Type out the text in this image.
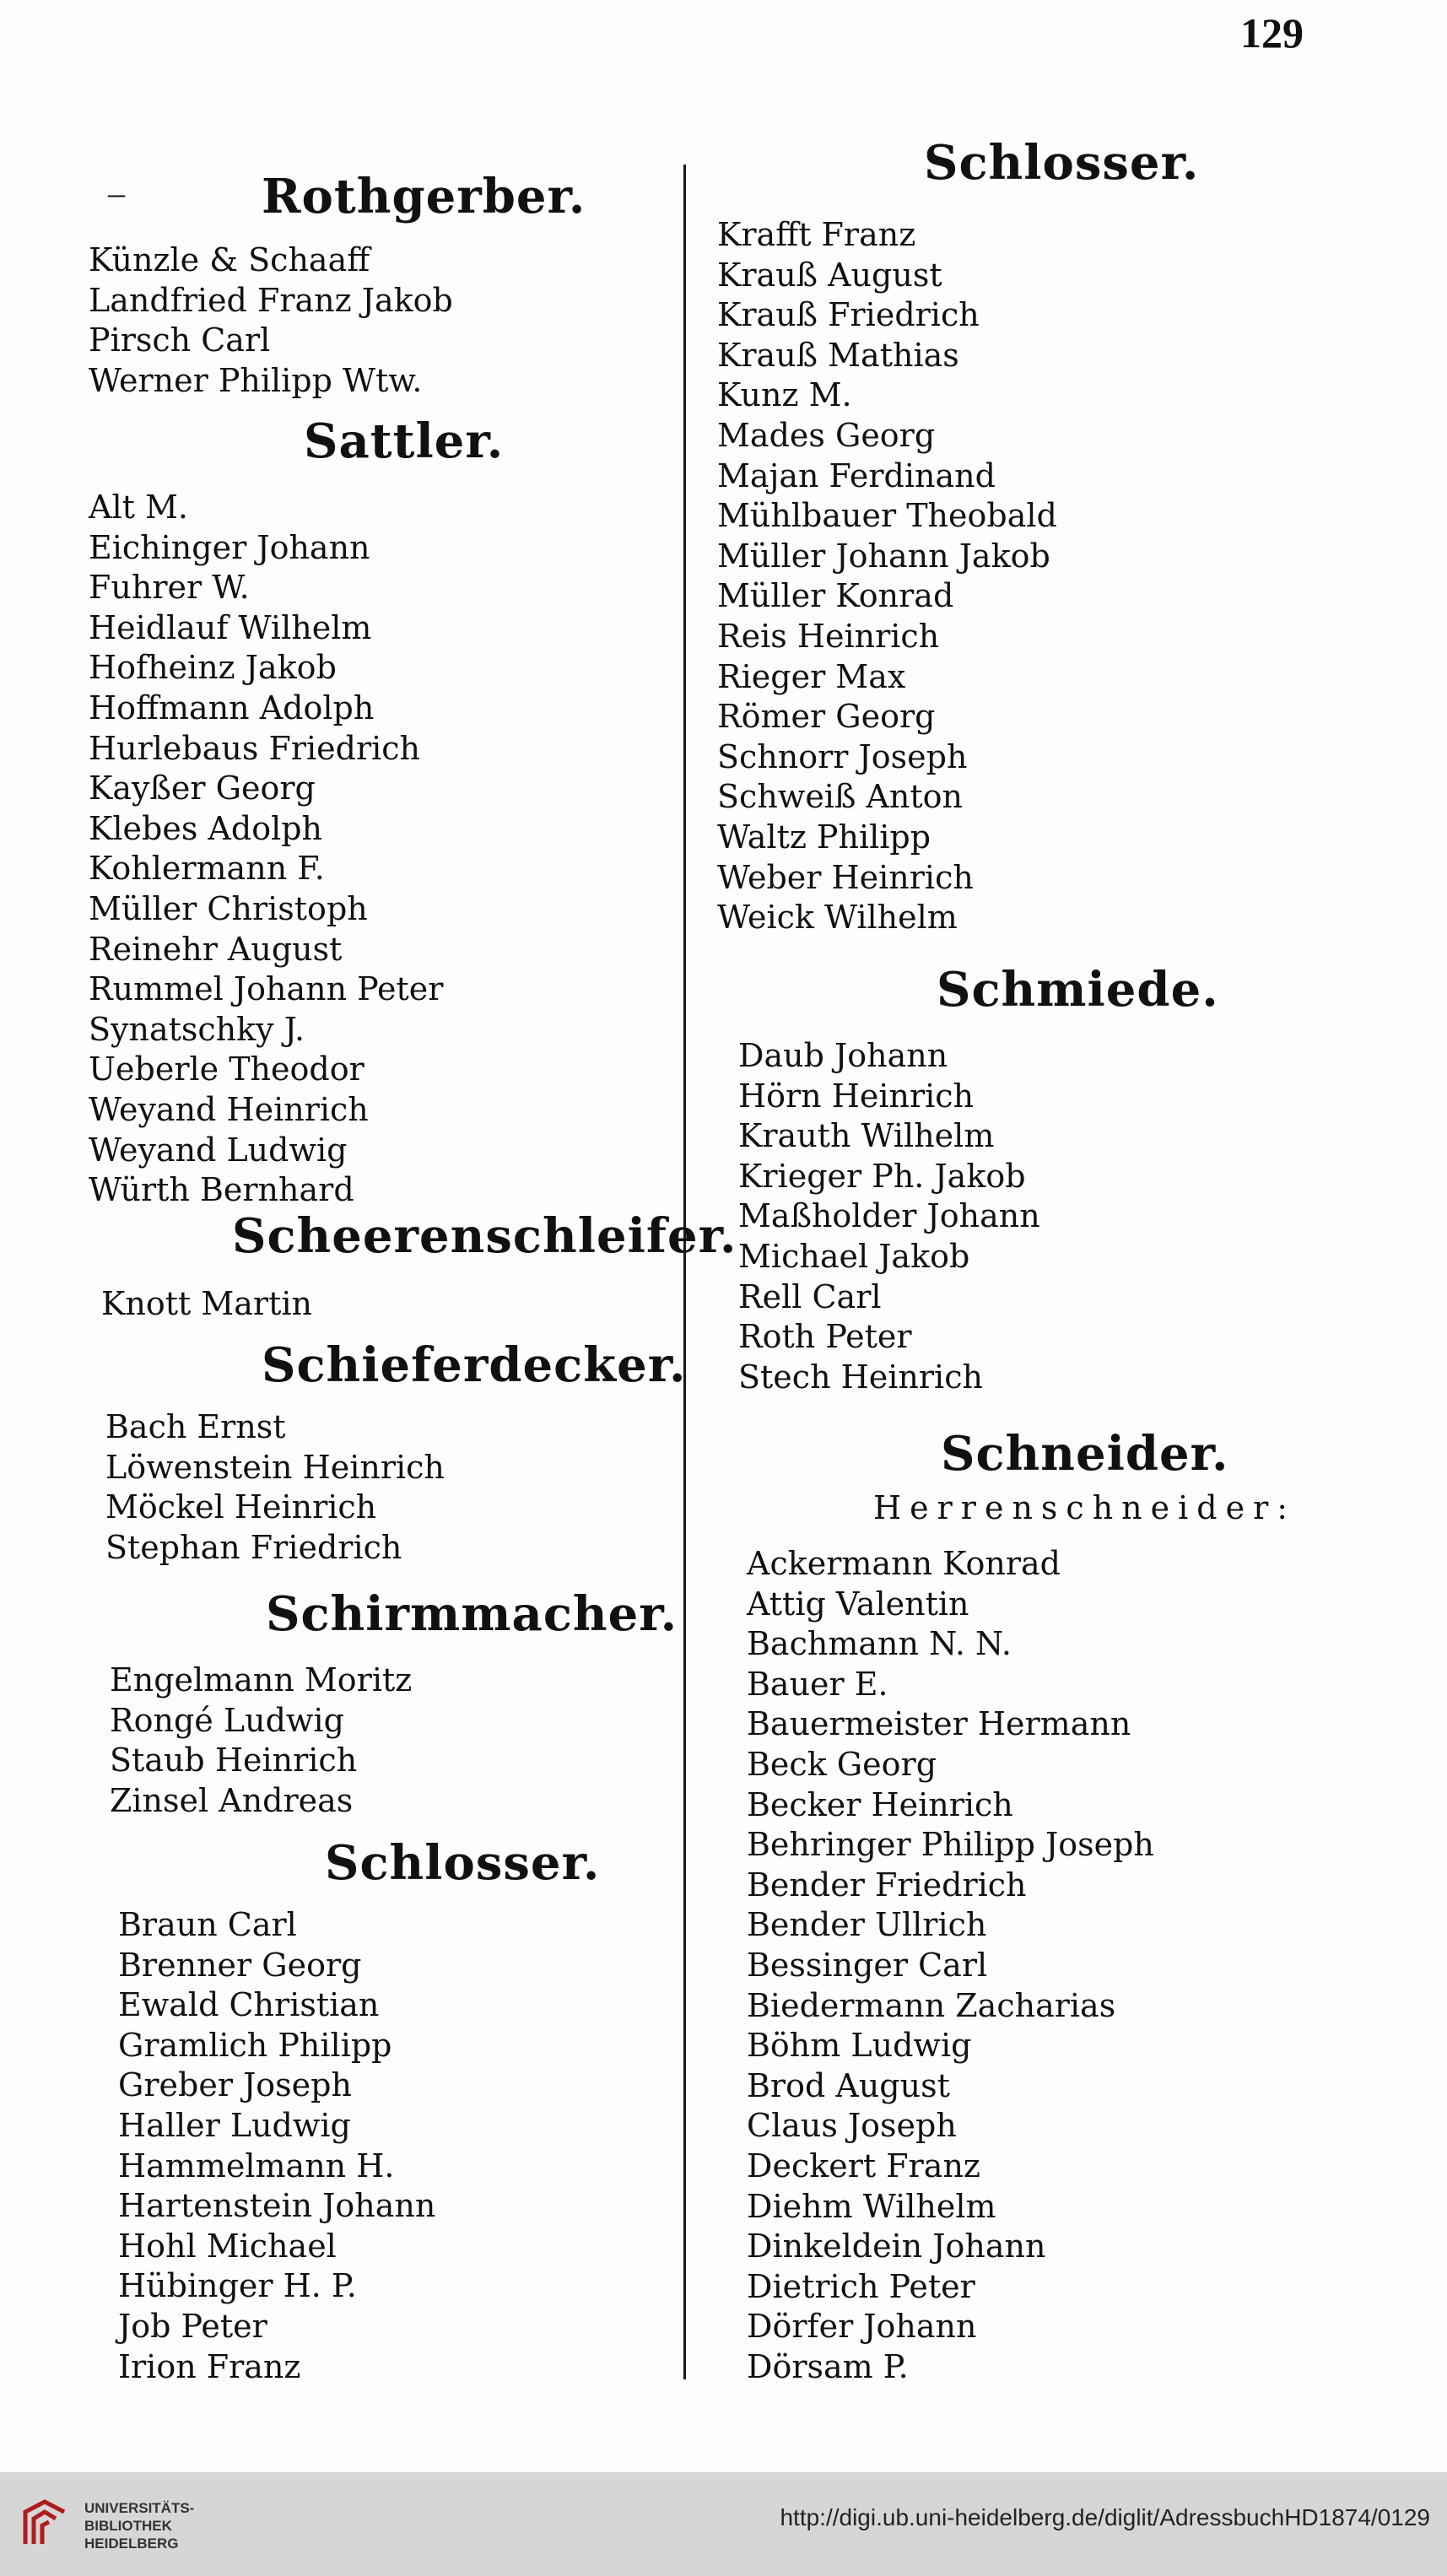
129
–	Rothgerber.
Künzle & Schaaff
Landfried Franz Jakob
Pirsch Carl
Werner Philipp Wtw.
Sattler.
Alt M.
Eichinger Johann
Fuhrer W.
Heidlauf Wilhelm
Hofheinz Jakob
Hoffmann Adolph
Hurlebaus Friedrich
Kayßer Georg
Klebes Adolph
Kohlermann F.
Müller Christoph
Reinehr August
Rummel Johann Peter
Synatschky J.
Ueberle Theodor
Weyand Heinrich
Weyand Ludwig
Würth Bernhard
Scheerenschleifer.
Knott Martin
Schieferdecker.
Bach Ernst
Löwenstein Heinrich
Möckel Heinrich
Stephan Friedrich
Schirmmacher.
Engelmann Moritz
Rongé Ludwig
Staub Heinrich
Zinsel Andreas
Schlosser.
Braun Carl
Brenner Georg
Ewald Christian
Gramlich Philipp
Greber Joseph
Haller Ludwig
Hammelmann H.
Hartenstein Johann
Hohl Michael
Hübinger H. P.
Job Peter
Irion Franz
Schlosser.
Krafft Franz
Krauß August
Krauß Friedrich
Krauß Mathias
Kunz M.
Mades Georg
Majan Ferdinand
Mühlbauer Theobald
Müller Johann Jakob
Müller Konrad
Reis Heinrich
Rieger Max
Römer Georg
Schnorr Joseph
Schweiß Anton
Waltz Philipp
Weber Heinrich
Weick Wilhelm
Schmiede.
Daub Johann
Hörn Heinrich
Krauth Wilhelm
Krieger Ph. Jakob
Maßholder Johann
Michael Jakob
Rell Carl
Roth Peter
Stech Heinrich
Schneider.
Herrenschneider:
Ackermann Konrad
Attig Valentin
Bachmann N. N.
Bauer E.
Bauermeister Hermann
Beck Georg
Becker Heinrich
Behringer Philipp Joseph
Bender Friedrich
Bender Ullrich
Bessinger Carl
Biedermann Zacharias
Böhm Ludwig
Brod August
Claus Joseph
Deckert Franz
Diehm Wilhelm
Dinkeldein Johann
Dietrich Peter
Dörfer Johann
Dörsam P.
UNIVERSITÄTS-
BIBLIOTHEK
HEIDELBERG
http://digi.ub.uni-heidelberg.de/diglit/AdressbuchHD1874/0129
